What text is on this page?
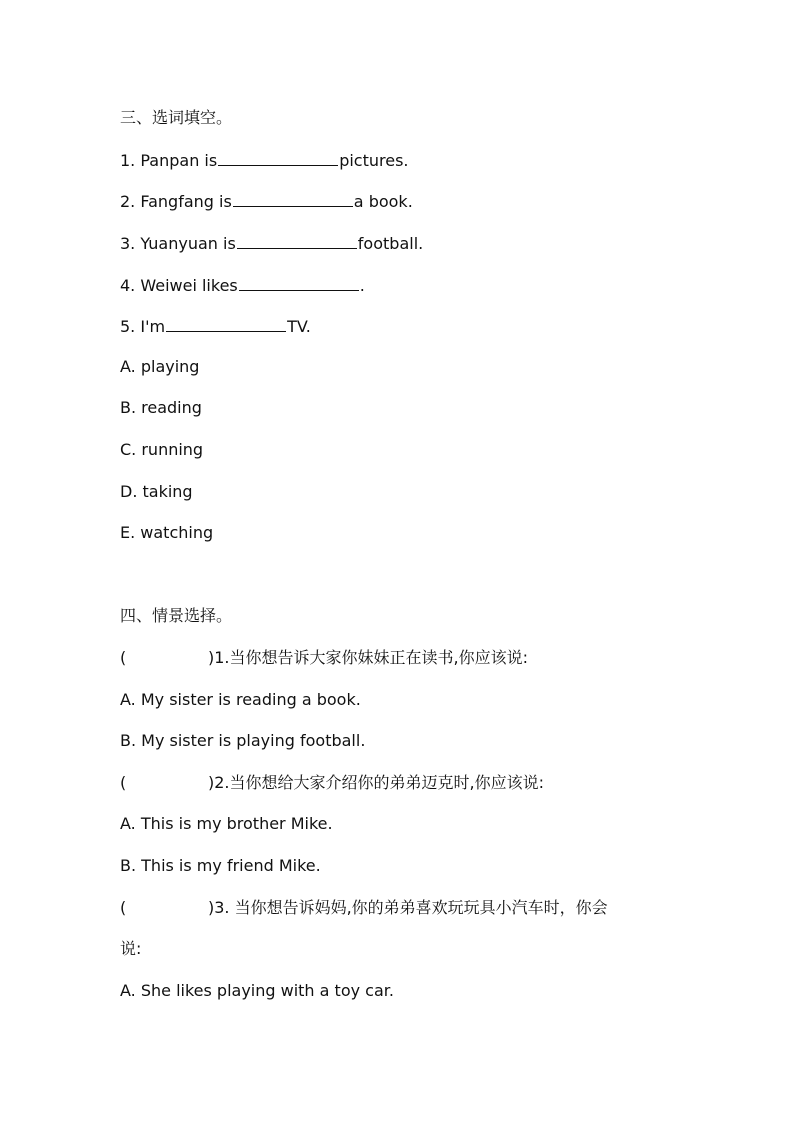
三、选词填空。
1. Panpan is	pictures.
2. Fangfang is	a book.
3. Yuanyuan is	football.
4. Weiwei likes	.
5. I'm	TV.
A. playing
B. reading
C. running
D. taking
E. watching
四、情景选择。
(	)1.当你想告诉大家你妹妹正在读书,你应该说:
A. My sister is reading a book.
B. My sister is playing football.
(	)2.当你想给大家介绍你的弟弟迈克时,你应该说:
A. This is my brother Mike.
B. This is my friend Mike.
(	)3. 当你想告诉妈妈,你的弟弟喜欢玩玩具小汽车时，你会
说:
A. She likes playing with a toy car.
